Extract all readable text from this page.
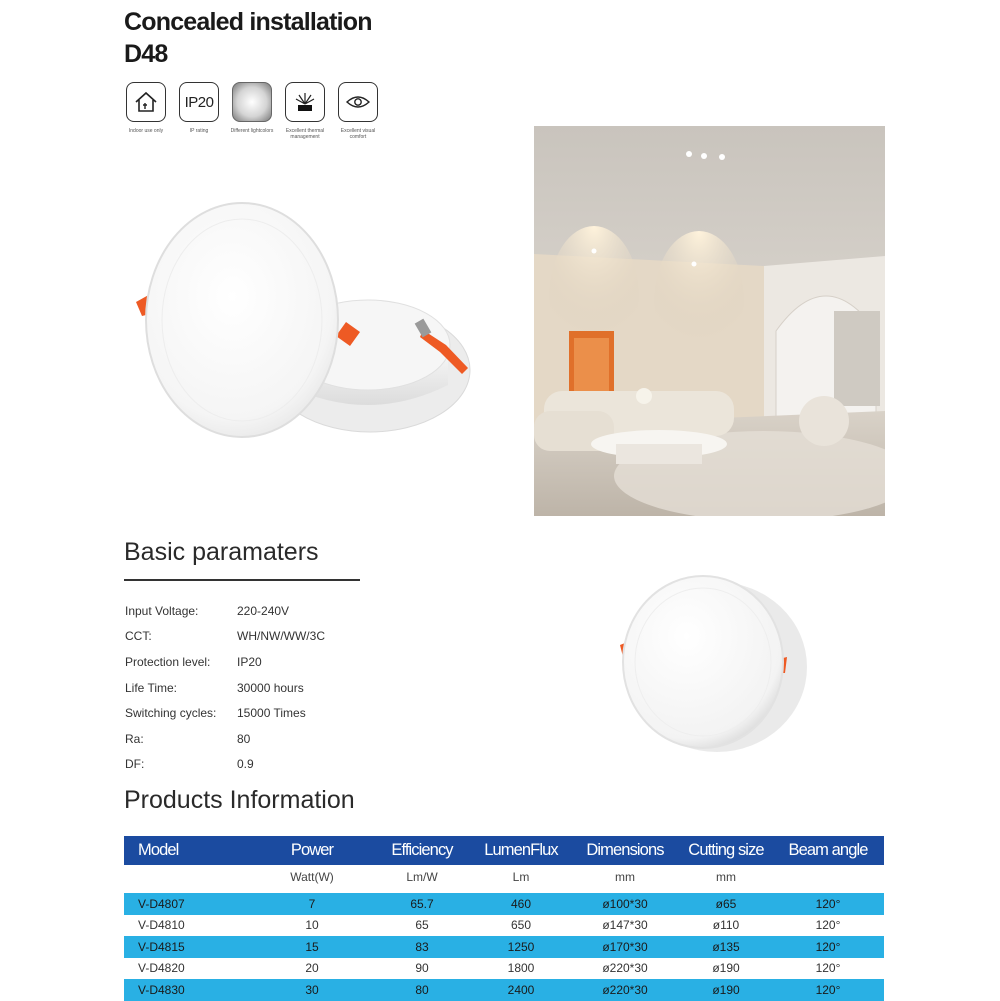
Concealed installation
D48
Indoor use only
IP20
IP rating	Different lightcolors	Excellent thermal management
Excellent visual comfort
Basic paramaters
Input Voltage:	220-240V
CCT:	WH/NW/WW/3C
Protection level:	IP20
Life Time:	30000 hours
Switching cycles:	15000 Times
Ra:	80
DF:	0.9
Products Information
Model	Power	Efficiency	LumenFlux	Dimensions	Cutting size	Beam angle
	Watt(W)	Lm/W	Lm	mm	mm	

V-D4807	7	65.7	460	ø100*30	ø65	120°
V-D4810	10	65	650	ø147*30	ø110	120°
V-D4815	15	83	1250	ø170*30	ø135	120°
V-D4820	20	90	1800	ø220*30	ø190	120°
V-D4830	30	80	2400	ø220*30	ø190	120°
